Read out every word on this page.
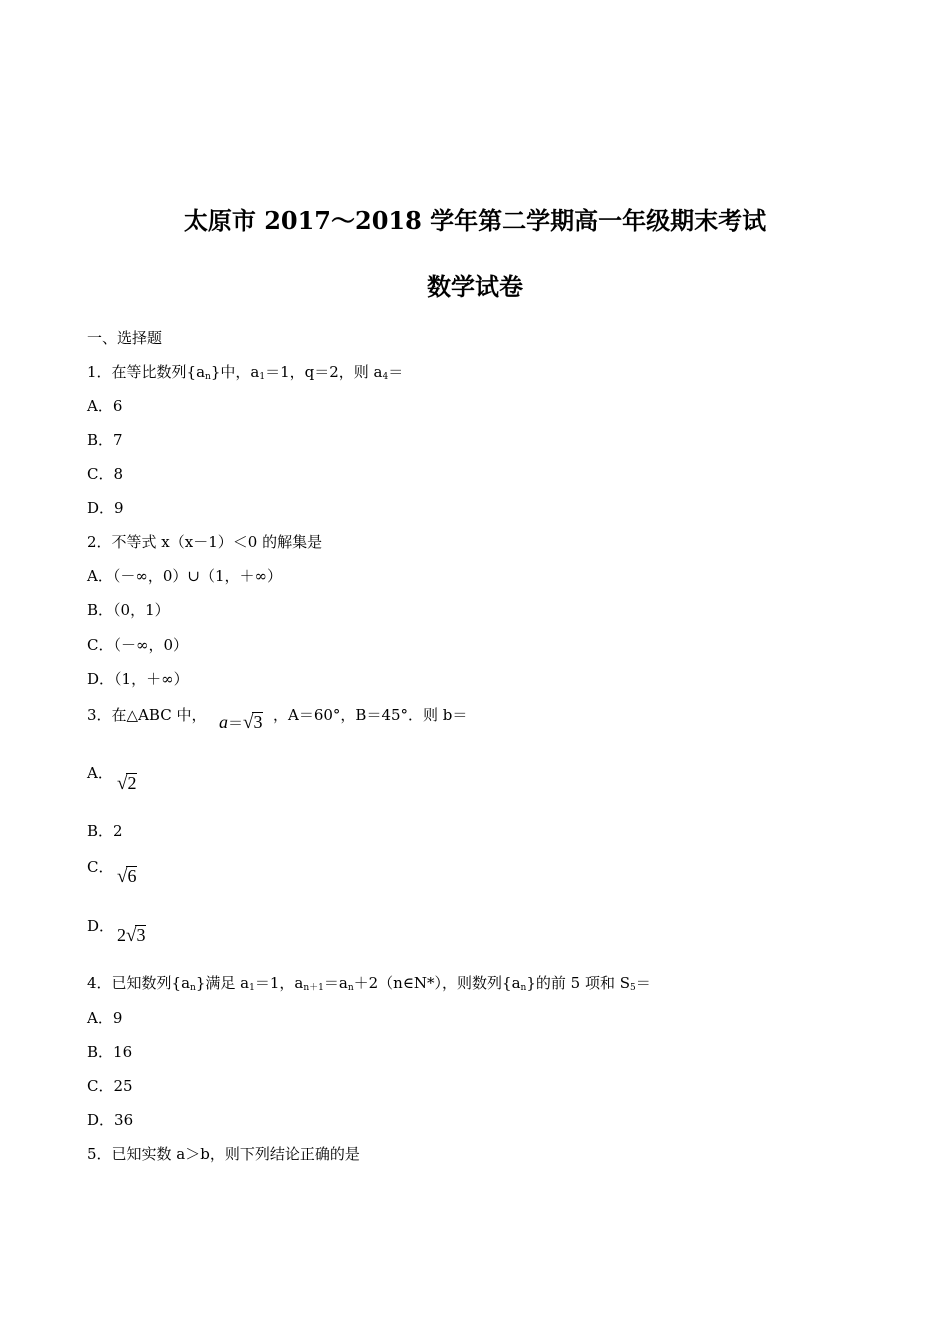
太原市 2017～2018 学年第二学期高一年级期末考试
数学试卷
一、选择题
1．在等比数列$\{a_n\}$中，$a_1=1$，q＝2，则 $a_4=$
A．6
B．7
C．8
D．9
2．不等式 x（x－1）＜0 的解集是
A．（－∞，0）∪（1，＋∞）
B．（0，1）
C．（－∞，0）
D．（1，＋∞）
3．在△ABC 中， a＝√3 ，A＝60°，B＝45°．则 b＝
A． √2
B．2
C． √6
D． 2√3
4．已知数列$\{a_n\}$满足 $a_1=1$，$a_{n+1}=a_n+2(n\in N*)$，则数列$\{a_n\}$的前 5 项和 $S_5=$
A．9
B．16
C．25
D．36
5．已知实数 a＞b，则下列结论正确的是
